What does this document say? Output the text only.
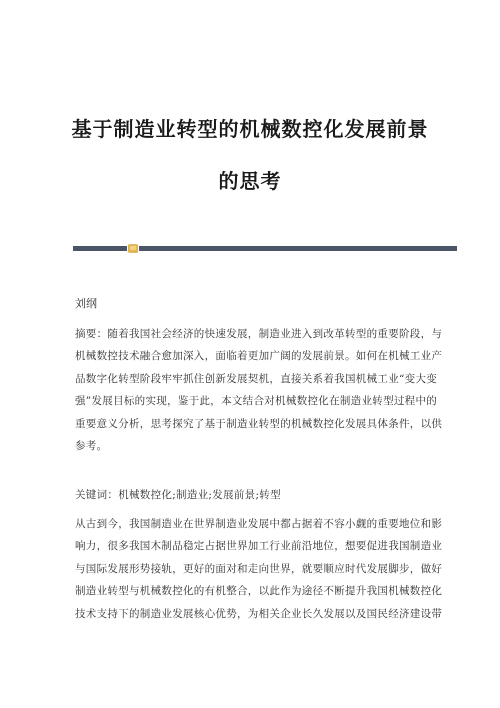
基于制造业转型的机械数控化发展前景
的思考
刘纲
摘要：随着我国社会经济的快速发展，制造业进入到改革转型的重要阶段，与
机械数控技术融合愈加深入，面临着更加广阔的发展前景。如何在机械工业产
品数字化转型阶段牢牢抓住创新发展契机，直接关系着我国机械工业“变大变
强”发展目标的实现，鉴于此，本文结合对机械数控化在制造业转型过程中的
重要意义分析，思考探究了基于制造业转型的机械数控化发展具体条件，以供
参考。
关键词：机械数控化;制造业;发展前景;转型
从古到今，我国制造业在世界制造业发展中都占据着不容小觑的重要地位和影
响力，很多我国木制品稳定占据世界加工行业前沿地位，想要促进我国制造业
与国际发展形势接轨，更好的面对和走向世界，就要顺应时代发展脚步，做好
制造业转型与机械数控化的有机整合，以此作为途径不断提升我国机械数控化
技术支持下的制造业发展核心优势，为相关企业长久发展以及国民经济建设带
